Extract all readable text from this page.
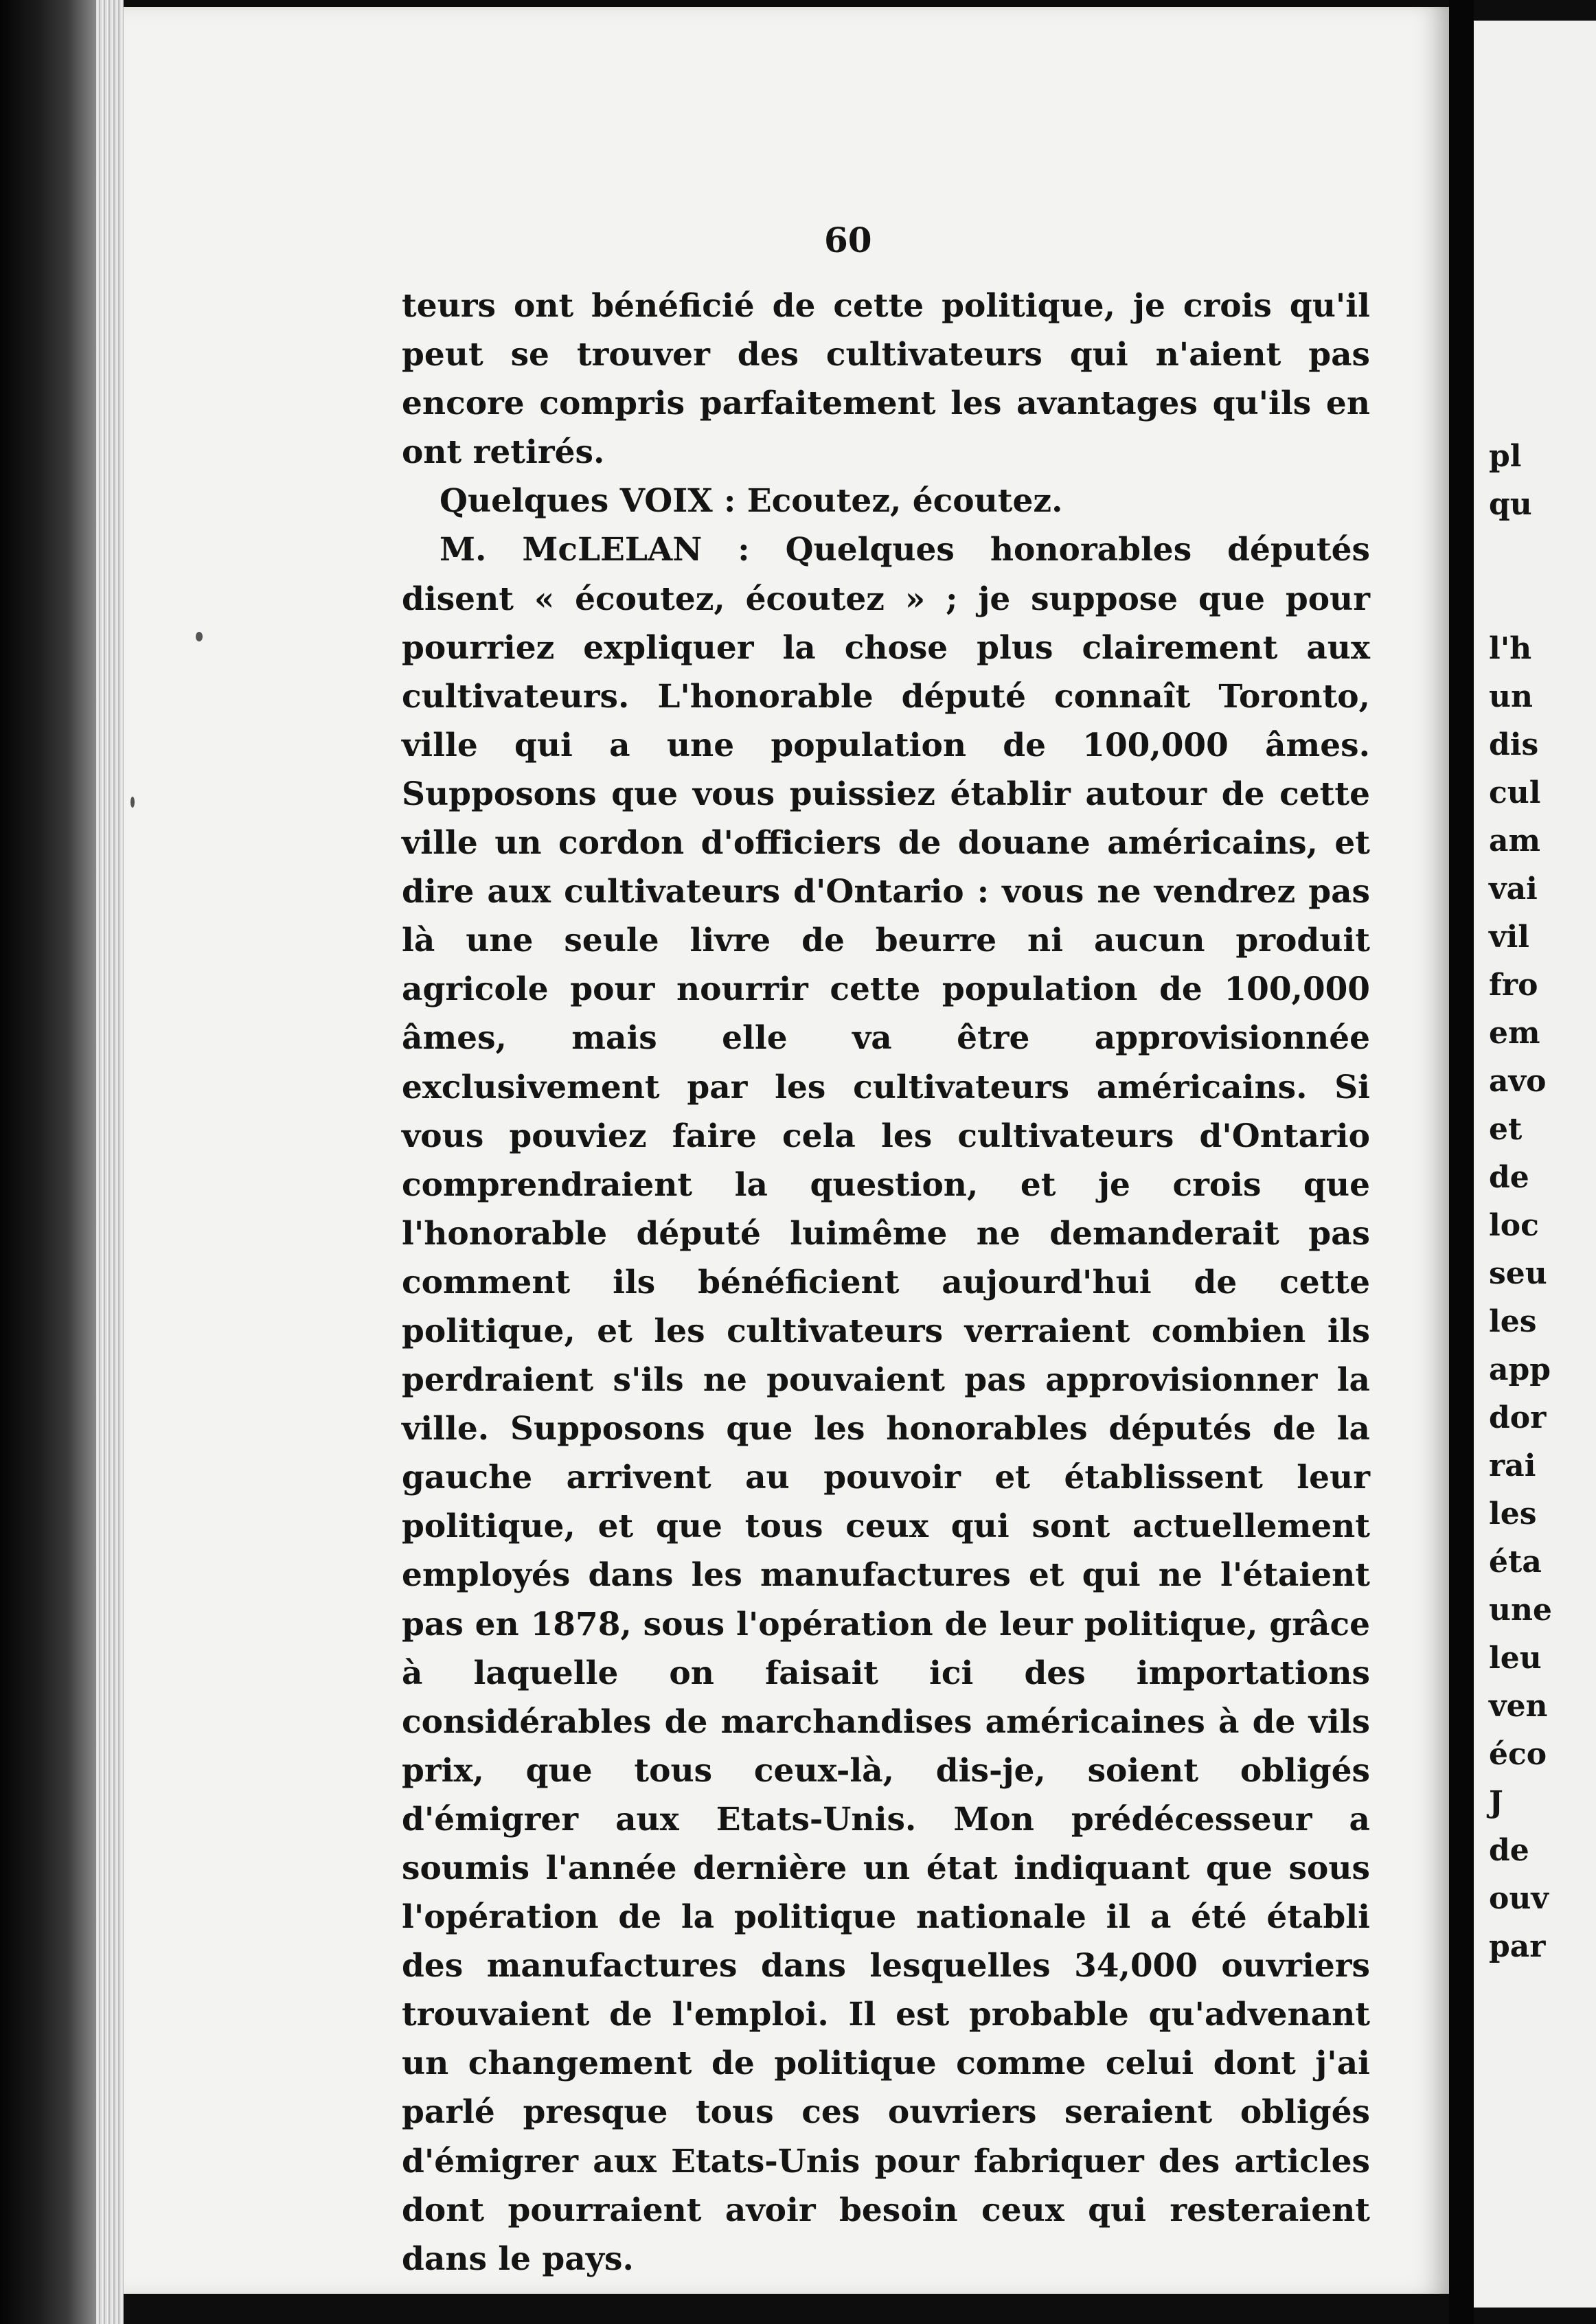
60

teurs ont bénéficié de cette politique, je crois qu'il peut se trouver des cultivateurs qui n'aient pas encore compris parfaitement les avantages qu'ils en ont retirés.

Quelques VOIX : Ecoutez, écoutez.

M. McLELAN : Quelques honorables députés disent « écoutez, écoutez » ; je suppose que pour pourriez expliquer la chose plus clairement aux cultivateurs. L'honorable député connaît Toronto, ville qui a une population de 100,000 âmes. Supposons que vous puissiez établir autour de cette ville un cordon d'officiers de douane américains, et dire aux cultivateurs d'Ontario : vous ne vendrez pas là une seule livre de beurre ni aucun produit agricole pour nourrir cette population de 100,000 âmes, mais elle va être approvisionnée exclusivement par les cultivateurs américains. Si vous pouviez faire cela les cultivateurs d'Ontario comprendraient la question, et je crois que l'honorable député luimême ne demanderait pas comment ils bénéficient aujourd'hui de cette politique, et les cultivateurs verraient combien ils perdraient s'ils ne pouvaient pas approvisionner la ville. Supposons que les honorables députés de la gauche arrivent au pouvoir et établissent leur politique, et que tous ceux qui sont actuellement employés dans les manufactures et qui ne l'étaient pas en 1878, sous l'opération de leur politique, grâce à laquelle on faisait ici des importations considérables de marchandises américaines à de vils prix, que tous ceux-là, dis-je, soient obligés d'émigrer aux Etats-Unis. Mon prédécesseur a soumis l'année dernière un état indiquant que sous l'opération de la politique nationale il a été établi des manufactures dans lesquelles 34,000 ouvriers trouvaient de l'emploi. Il est probable qu'advenant un changement de politique comme celui dont j'ai parlé presque tous ces ouvriers seraient obligés d'émigrer aux Etats-Unis pour fabriquer des articles dont pourraient avoir besoin ceux qui resteraient dans le pays.

pl
qu
l'h
un
dis
cul
am
vai
vil
fro
em
avo
et
de
loc
seu
les
app
dor
rai
les
éta
une
leu
ven
éco
J
de
ouv
par
